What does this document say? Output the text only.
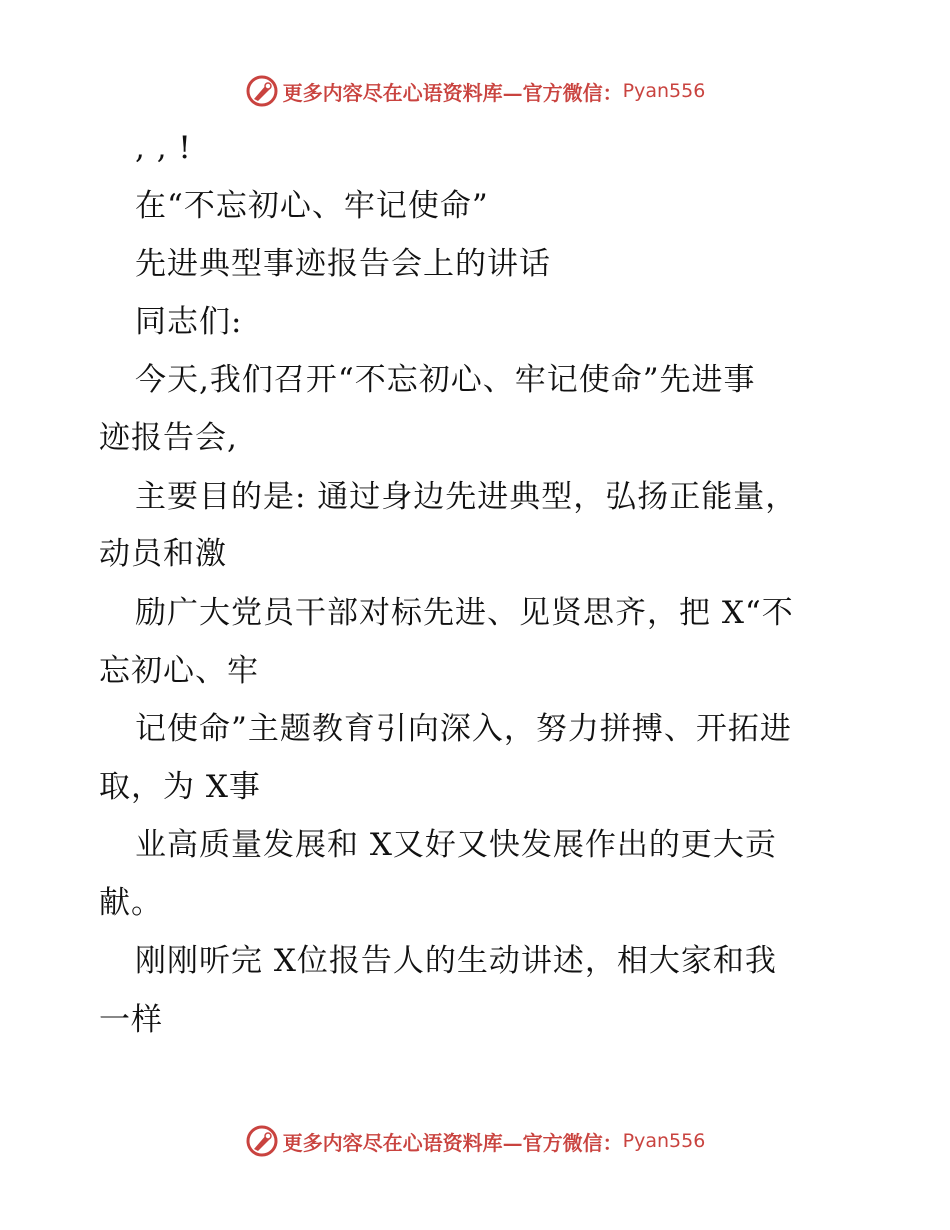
更多内容尽在心语资料库—官方微信： Pyan556
, , !
在“不忘初心、牢记使命”
先进典型事迹报告会上的讲话
同志们:
今天,我们召开“不忘初心、牢记使命”先进事
迹报告会,
主要目的是: 通过身边先进典型，弘扬正能量，
动员和激
励广大党员干部对标先进、见贤思齐，把 X“不
忘初心、牢
记使命”主题教育引向深入，努力拼搏、开拓进
取，为 X事
业高质量发展和 X又好又快发展作出的更大贡
献。
刚刚听完 X位报告人的生动讲述，相大家和我
一样
更多内容尽在心语资料库—官方微信： Pyan556
